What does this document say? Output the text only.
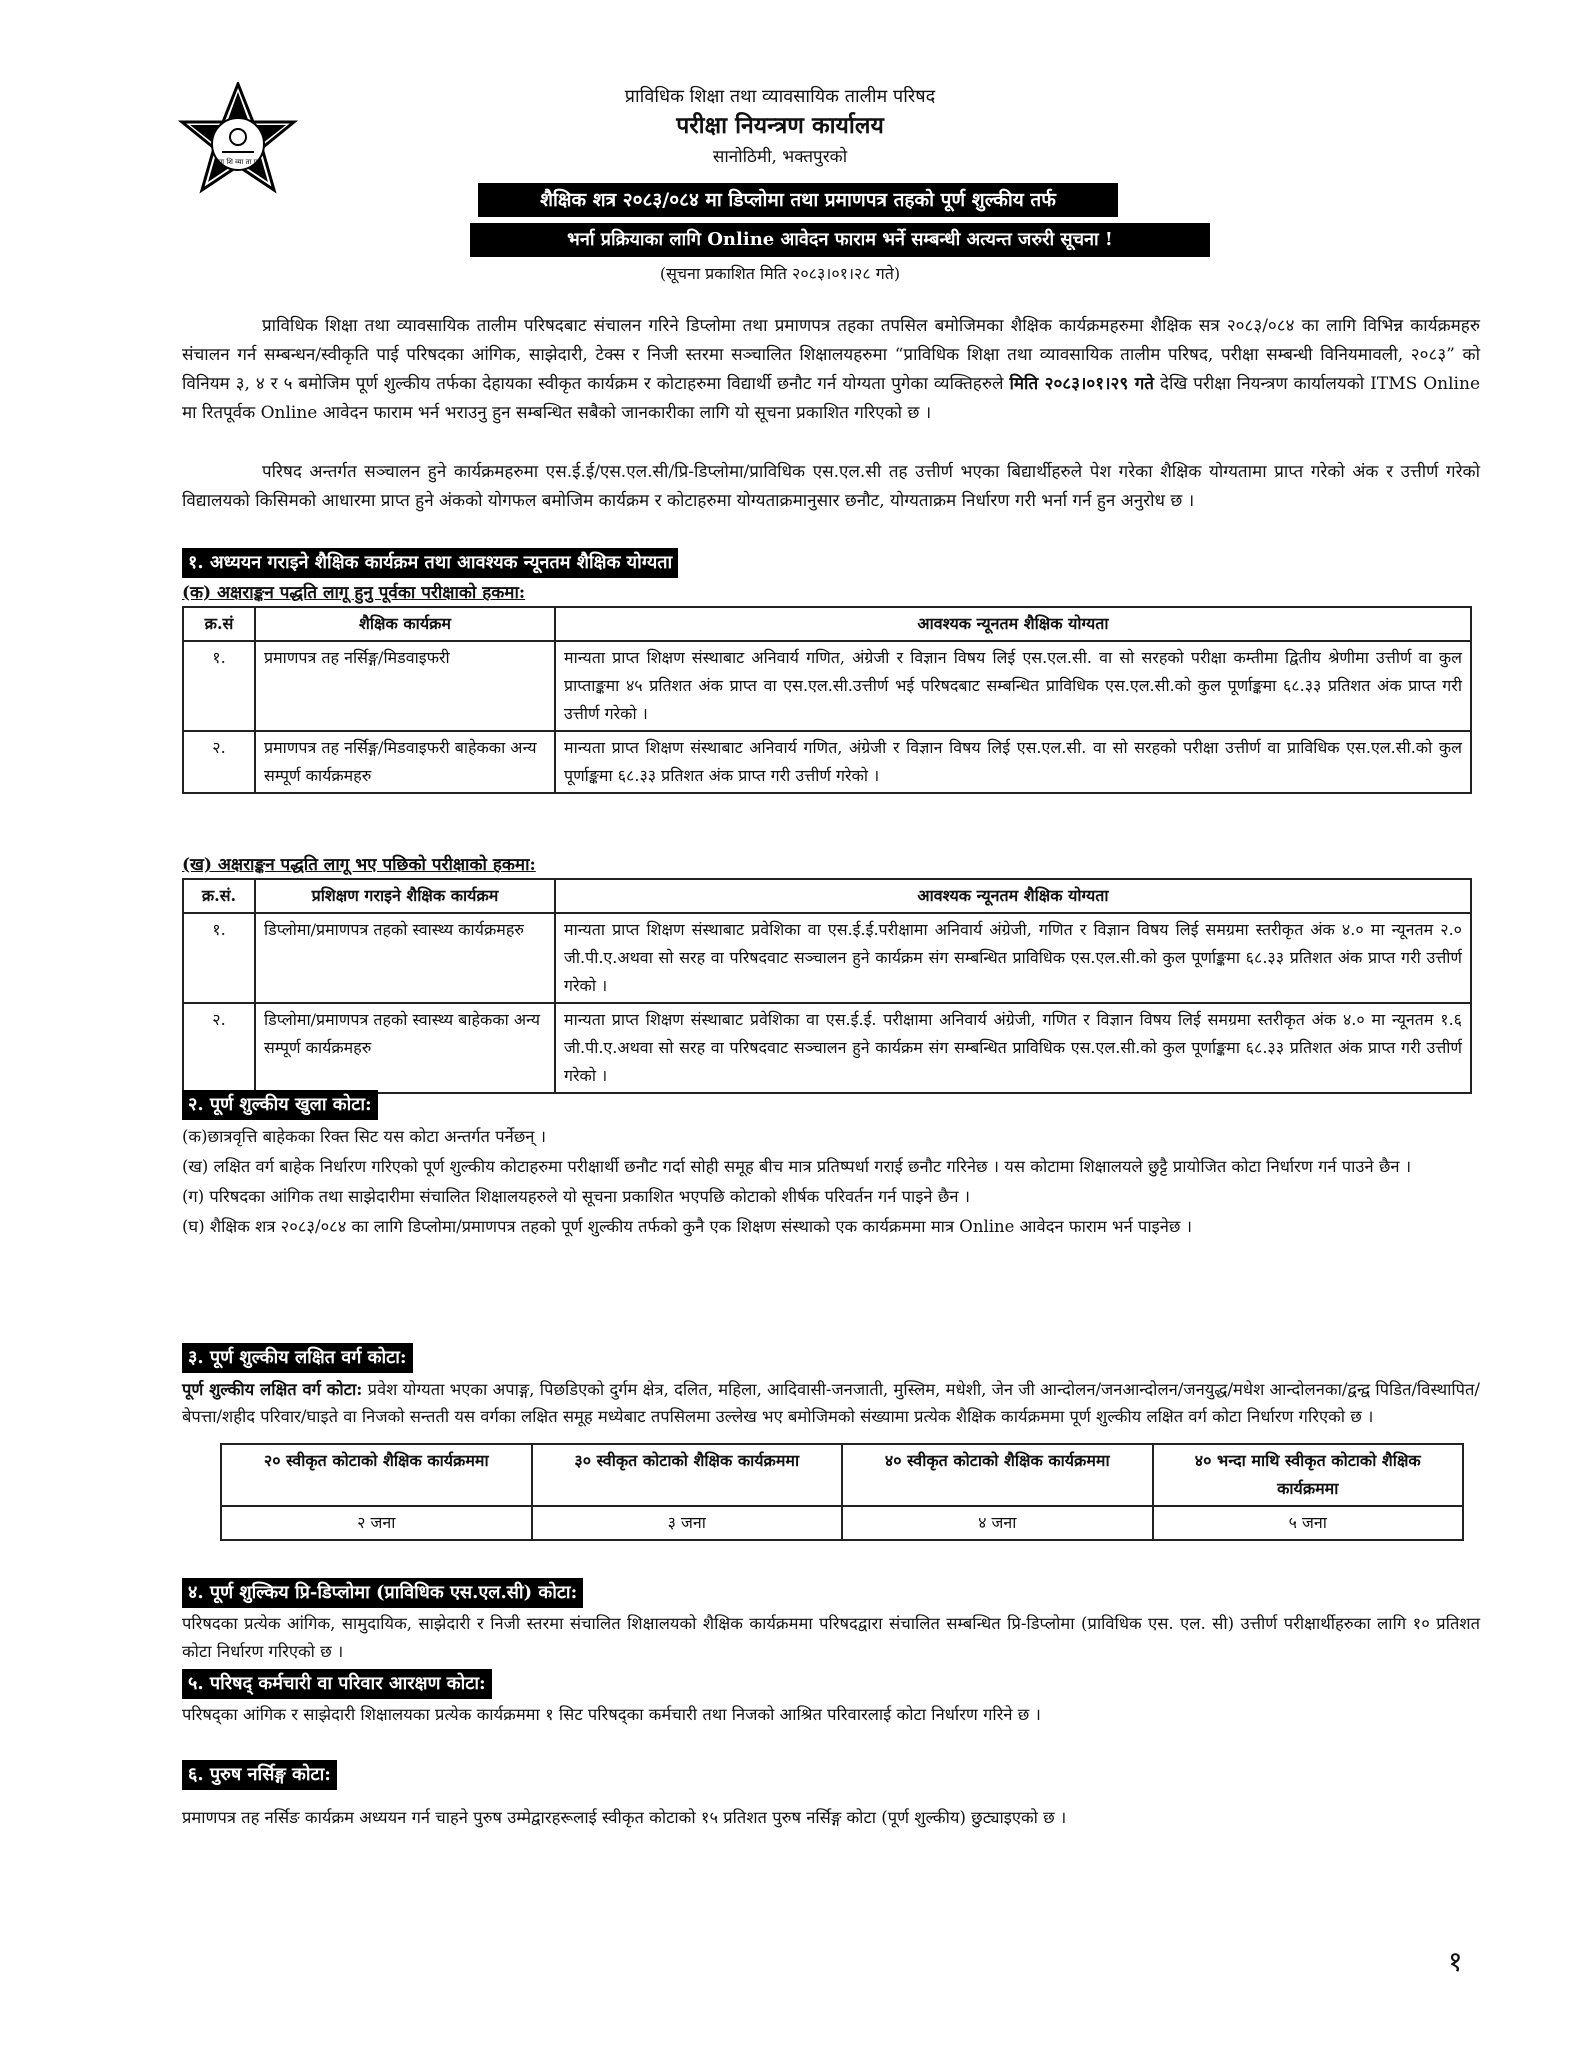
प्रा शि व्या ता प
प्राविधिक शिक्षा तथा व्यावसायिक तालीम परिषद
परीक्षा नियन्त्रण कार्यालय
सानोठिमी, भक्तपुरको
शैक्षिक शत्र २०८३/०८४ मा डिप्लोमा तथा प्रमाणपत्र तहको पूर्ण शुल्कीय तर्फ
भर्ना प्रक्रियाका लागि Online आवेदन फाराम भर्ने सम्बन्धी अत्यन्त जरुरी सूचना !
(सूचना प्रकाशित मिति २०८३।०१।२८ गते)
प्राविधिक शिक्षा तथा व्यावसायिक तालीम परिषदबाट संचालन गरिने डिप्लोमा तथा प्रमाणपत्र तहका तपसिल बमोजिमका शैक्षिक कार्यक्रमहरुमा शैक्षिक सत्र २०८३/०८४ का लागि विभिन्न कार्यक्रमहरु संचालन गर्न सम्बन्धन/स्वीकृति पाई परिषदका आंगिक, साझेदारी, टेक्स र निजी स्तरमा सञ्चालित शिक्षालयहरुमा “प्राविधिक शिक्षा तथा व्यावसायिक तालीम परिषद, परीक्षा सम्बन्धी विनियमावली, २०८३” को विनियम ३, ४ र ५ बमोजिम पूर्ण शुल्कीय तर्फका देहायका स्वीकृत कार्यक्रम र कोटाहरुमा विद्यार्थी छनौट गर्न योग्यता पुगेका व्यक्तिहरुले मिति २०८३।०१।२९ गते देखि परीक्षा नियन्त्रण कार्यालयको ITMS Online मा रितपूर्वक Online आवेदन फाराम भर्न भराउनु हुन सम्बन्धित सबैको जानकारीका लागि यो सूचना प्रकाशित गरिएको छ ।
परिषद अन्तर्गत सञ्चालन हुने कार्यक्रमहरुमा एस.ई.ई/एस.एल.सी/प्रि-डिप्लोमा/प्राविधिक एस.एल.सी तह उत्तीर्ण भएका बिद्यार्थीहरुले पेश गरेका शैक्षिक योग्यतामा प्राप्त गरेको अंक र उत्तीर्ण गरेको विद्यालयको किसिमको आधारमा प्राप्त हुने अंकको योगफल बमोजिम कार्यक्रम र कोटाहरुमा योग्यताक्रमानुसार छनौट, योग्यताक्रम निर्धारण गरी भर्ना गर्न हुन अनुरोध छ ।
१. अध्ययन गराइने शैक्षिक कार्यक्रम तथा आवश्यक न्यूनतम शैक्षिक योग्यता
(क) अक्षराङ्कन पद्धति लागू हुनु पूर्वका परीक्षाको हकमा:
क्र.सं	शैक्षिक कार्यक्रम	आवश्यक न्यूनतम शैक्षिक योग्यता
१.	प्रमाणपत्र तह नर्सिङ्ग/मिडवाइफरी	मान्यता प्राप्त शिक्षण संस्थाबाट अनिवार्य गणित, अंग्रेजी र विज्ञान विषय लिई एस.एल.सी. वा सो सरहको परीक्षा कम्तीमा द्वितीय श्रेणीमा उत्तीर्ण वा कुल प्राप्ताङ्कमा ४५ प्रतिशत अंक प्राप्त वा एस.एल.सी.उत्तीर्ण भई परिषदबाट सम्बन्धित प्राविधिक एस.एल.सी.को कुल पूर्णाङ्कमा ६८.३३ प्रतिशत अंक प्राप्त गरी उत्तीर्ण गरेको ।
२.	प्रमाणपत्र तह नर्सिङ्ग/मिडवाइफरी बाहेकका अन्य सम्पूर्ण कार्यक्रमहरु	मान्यता प्राप्त शिक्षण संस्थाबाट अनिवार्य गणित, अंग्रेजी र विज्ञान विषय लिई एस.एल.सी. वा सो सरहको परीक्षा उत्तीर्ण वा प्राविधिक एस.एल.सी.को कुल पूर्णाङ्कमा ६८.३३ प्रतिशत अंक प्राप्त गरी उत्तीर्ण गरेको ।
(ख) अक्षराङ्कन पद्धति लागू भए पछिको परीक्षाको हकमा:
क्र.सं.	प्रशिक्षण गराइने शैक्षिक कार्यक्रम	आवश्यक न्यूनतम शैक्षिक योग्यता
१.	डिप्लोमा/प्रमाणपत्र तहको स्वास्थ्य कार्यक्रमहरु	मान्यता प्राप्त शिक्षण संस्थाबाट प्रवेशिका वा एस.ई.ई.परीक्षामा अनिवार्य अंग्रेजी, गणित र विज्ञान विषय लिई समग्रमा स्तरीकृत अंक ४.० मा न्यूनतम २.० जी.पी.ए.अथवा सो सरह वा परिषदवाट सञ्चालन हुने कार्यक्रम संग सम्बन्धित प्राविधिक एस.एल.सी.को कुल पूर्णाङ्कमा ६८.३३ प्रतिशत अंक प्राप्त गरी उत्तीर्ण गरेको ।
२.	डिप्लोमा/प्रमाणपत्र तहको स्वास्थ्य बाहेकका अन्य सम्पूर्ण कार्यक्रमहरु	मान्यता प्राप्त शिक्षण संस्थाबाट प्रवेशिका वा एस.ई.ई. परीक्षामा अनिवार्य अंग्रेजी, गणित र विज्ञान विषय लिई समग्रमा स्तरीकृत अंक ४.० मा न्यूनतम १.६ जी.पी.ए.अथवा सो सरह वा परिषदवाट सञ्चालन हुने कार्यक्रम संग सम्बन्धित प्राविधिक एस.एल.सी.को कुल पूर्णाङ्कमा ६८.३३ प्रतिशत अंक प्राप्त गरी उत्तीर्ण गरेको ।
२. पूर्ण शुल्कीय खुला कोटा:
(क)छात्रवृत्ति बाहेकका रिक्त सिट यस कोटा अन्तर्गत पर्नेछन् ।
(ख) लक्षित वर्ग बाहेक निर्धारण गरिएको पूर्ण शुल्कीय कोटाहरुमा परीक्षार्थी छनौट गर्दा सोही समूह बीच मात्र प्रतिष्पर्धा गराई छनौट गरिनेछ । यस कोटामा शिक्षालयले छुट्टै प्रायोजित कोटा निर्धारण गर्न पाउने छैन ।
(ग) परिषदका आंगिक तथा साझेदारीमा संचालित शिक्षालयहरुले यो सूचना प्रकाशित भएपछि कोटाको शीर्षक परिवर्तन गर्न पाइने छैन ।
(घ) शैक्षिक शत्र २०८३/०८४ का लागि डिप्लोमा/प्रमाणपत्र तहको पूर्ण शुल्कीय तर्फको कुनै एक शिक्षण संस्थाको एक कार्यक्रममा मात्र Online आवेदन फाराम भर्न पाइनेछ ।
३. पूर्ण शुल्कीय लक्षित वर्ग कोटा:
पूर्ण शुल्कीय लक्षित वर्ग कोटा: प्रवेश योग्यता भएका अपाङ्ग, पिछडिएको दुर्गम क्षेत्र, दलित, महिला, आदिवासी-जनजाती, मुस्लिम, मधेशी, जेन जी आन्दोलन/जनआन्दोलन/जनयुद्ध/मधेश आन्दोलनका/द्वन्द्व पिडित/विस्थापित/बेपत्ता/शहीद परिवार/घाइते वा निजको सन्तती यस वर्गका लक्षित समूह मध्येबाट तपसिलमा उल्लेख भए बमोजिमको संख्यामा प्रत्येक शैक्षिक कार्यक्रममा पूर्ण शुल्कीय लक्षित वर्ग कोटा निर्धारण गरिएको छ ।
२० स्वीकृत कोटाको शैक्षिक कार्यक्रममा	३० स्वीकृत कोटाको शैक्षिक कार्यक्रममा	४० स्वीकृत कोटाको शैक्षिक कार्यक्रममा	४० भन्दा माथि स्वीकृत कोटाको शैक्षिक कार्यक्रममा
२ जना	३ जना	४ जना	५ जना
४. पूर्ण शुल्किय प्रि-डिप्लोमा (प्राविधिक एस.एल.सी) कोटा:
परिषदका प्रत्येक आंगिक, सामुदायिक, साझेदारी र निजी स्तरमा संचालित शिक्षालयको शैक्षिक कार्यक्रममा परिषदद्वारा संचालित सम्बन्धित प्रि-डिप्लोमा (प्राविधिक एस. एल. सी) उत्तीर्ण परीक्षार्थीहरुका लागि १० प्रतिशत कोटा निर्धारण गरिएको छ ।
५. परिषद् कर्मचारी वा परिवार आरक्षण कोटा:
परिषद्का आंगिक र साझेदारी शिक्षालयका प्रत्येक कार्यक्रममा १ सिट परिषद्का कर्मचारी तथा निजको आश्रित परिवारलाई कोटा निर्धारण गरिने छ ।
६. पुरुष नर्सिङ्ग कोटा:
प्रमाणपत्र तह नर्सिङ कार्यक्रम अध्ययन गर्न चाहने पुरुष उम्मेद्वारहरूलाई स्वीकृत कोटाको १५ प्रतिशत पुरुष नर्सिङ्ग कोटा (पूर्ण शुल्कीय) छुट्याइएको छ ।
१
